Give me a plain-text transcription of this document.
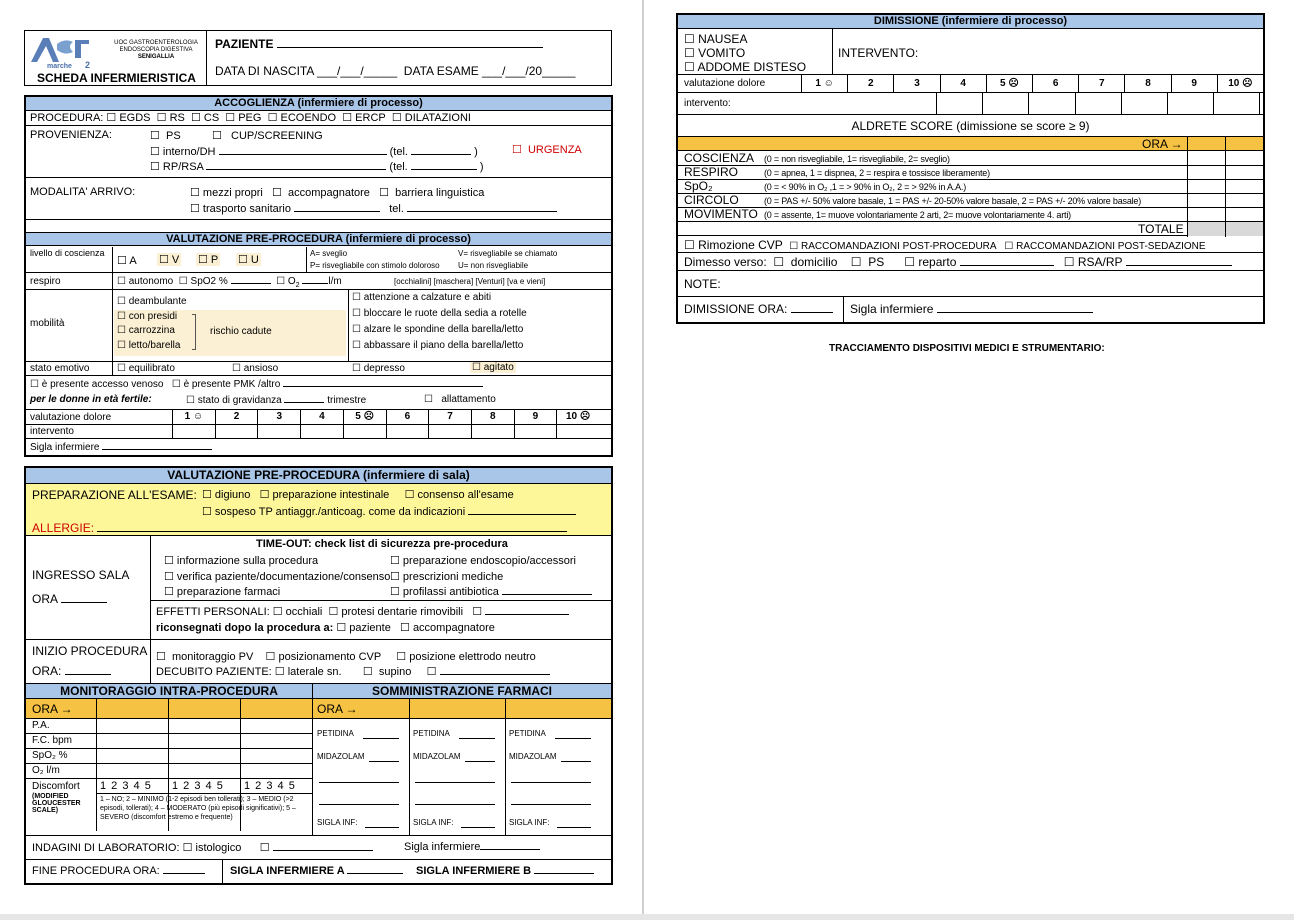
marche 2
UOC GASTROENTEROLOGIA
ENDOSCOPIA DIGESTIVA
SENIGALLIA
SCHEDA INFERMIERISTICA
PAZIENTE
DATA DI NASCITA ___/___/_____ DATA ESAME ___/___/20_____
ACCOGLIENZA (infermiere di processo)
PROCEDURA: ☐ EGDS ☐ RS ☐ CS ☐ PEG ☐ ECOENDO ☐ ERCP ☐ DILATAZIONI
PROVENIENZA:	☐  PS	☐   CUP/SCREENING
☐ interno/DH	(tel.	)
☐ RP/RSA	(tel.	)
☐  URGENZA
MODALITA' ARRIVO:	☐ mezzi propri   ☐  accompagnatore   ☐  barriera linguistica
☐ trasporto sanitario	tel.
VALUTAZIONE PRE-PROCEDURA (infermiere di processo)
livello di coscienza
☐ A ☐ V ☐ P ☐ U
A= sveglio	V= risvegliabile se chiamato
P= risvegliabile con stimolo doloroso U= non risvegliabile
respiro	☐ autonomo  ☐ SpO2 %	☐ $O_2$	l/m	[occhialini] [maschera] [Venturi] [va e vieni]
mobilità
☐ deambulante
☐ con presidi
☐ carrozzina
☐ letto/barella
rischio cadute
☐ attenzione a calzature e abiti
☐ bloccare le ruote della sedia a rotelle
☐ alzare le spondine della barella/letto
☐ abbassare il piano della barella/letto
stato emotivo	☐ equilibrato	☐ ansioso	☐ depresso	☐ agitato
☐ è presente accesso venoso   ☐ è presente PMK /altro
per le donne in età fertile:	☐ stato di gravidanza	trimestre	☐   allattamento
valutazione dolore	1 ☺	2	3	4	5 ☹	6	7	8	9	10 ☹
intervento
Sigla infermiere
VALUTAZIONE PRE-PROCEDURA (infermiere di sala)
PREPARAZIONE ALL'ESAME: ☐ digiuno   ☐ preparazione intestinale     ☐ consenso all'esame
☐ sospeso TP antiaggr./anticoag. come da indicazioni
ALLERGIE:
INGRESSO SALA
ORA
TIME-OUT: check list di sicurezza pre-procedura
☐ informazione sulla procedura
☐ verifica paziente/documentazione/consenso
☐ preparazione farmaci
☐ preparazione endoscopio/accessori
☐ prescrizioni mediche
☐ profilassi antibiotica
EFFETTI PERSONALI: ☐ occhiali  ☐ protesi dentarie rimovibili   ☐
riconsegnati dopo la procedura a: ☐ paziente   ☐ accompagnatore
INIZIO PROCEDURA
ORA:
☐  monitoraggio PV    ☐ posizionamento CVP     ☐ posizione elettrodo neutro
DECUBITO PAZIENTE: ☐ laterale sn.       ☐  supino     ☐
MONITORAGGIO INTRA-PROCEDURA	SOMMINISTRAZIONE FARMACI
ORA →	ORA →
P.A.
F.C. bpm
SpO₂ %
O₂ l/m
Discomfort
(MODIFIED GLOUCESTER SCALE)
1 2 3 4 5 1 2 3 4 5 1 2 3 4 5
1 – NO; 2 – MINIMO (1-2 episodi ben tollerati); 3 – MEDIO (>2 episodi, tollerati); 4 – MODERATO (più episodi significativi); 5 – SEVERO (discomfort estremo e frequente)
PETIDINA
MIDAZOLAM
SIGLA INF:
PETIDINA
MIDAZOLAM
SIGLA INF:
PETIDINA
MIDAZOLAM
SIGLA INF:
INDAGINI DI LABORATORIO: ☐ istologico      ☐	Sigla infermiere
FINE PROCEDURA ORA:	SIGLA INFERMIERE A	SIGLA INFERMIERE B
DIMISSIONE (infermiere di processo)
☐ NAUSEA
☐ VOMITO
☐ ADDOME DISTESO
INTERVENTO:
valutazione dolore	1 ☺	2	3	4	5 ☹	6	7	8	9	10 ☹
intervento:
ALDRETE SCORE (dimissione se score ≥ 9)
ORA →
COSCIENZA (0 = non risvegliabile, 1= risvegliabile, 2= sveglio)
RESPIRO	(0 = apnea, 1 = dispnea, 2 = respira e tossisce liberamente)
SpO₂	(0 = < 90% in O₂ ,1 = > 90% in O₂, 2 = > 92% in A.A.)
CIRCOLO	(0 = PAS +/- 50% valore basale, 1 = PAS +/- 20-50% valore basale, 2 = PAS +/- 20% valore basale)
MOVIMENTO (0 = assente, 1= muove volontariamente 2 arti, 2= muove volontariamente 4. arti)
TOTALE
☐ Rimozione CVP ☐ RACCOMANDAZIONI POST-PROCEDURA   ☐ RACCOMANDAZIONI POST-SEDAZIONE
Dimesso verso:  ☐  domicilio    ☐  PS      ☐ reparto	☐ RSA/RP
NOTE:
DIMISSIONE ORA:	Sigla infermiere
TRACCIAMENTO DISPOSITIVI MEDICI E STRUMENTARIO:
